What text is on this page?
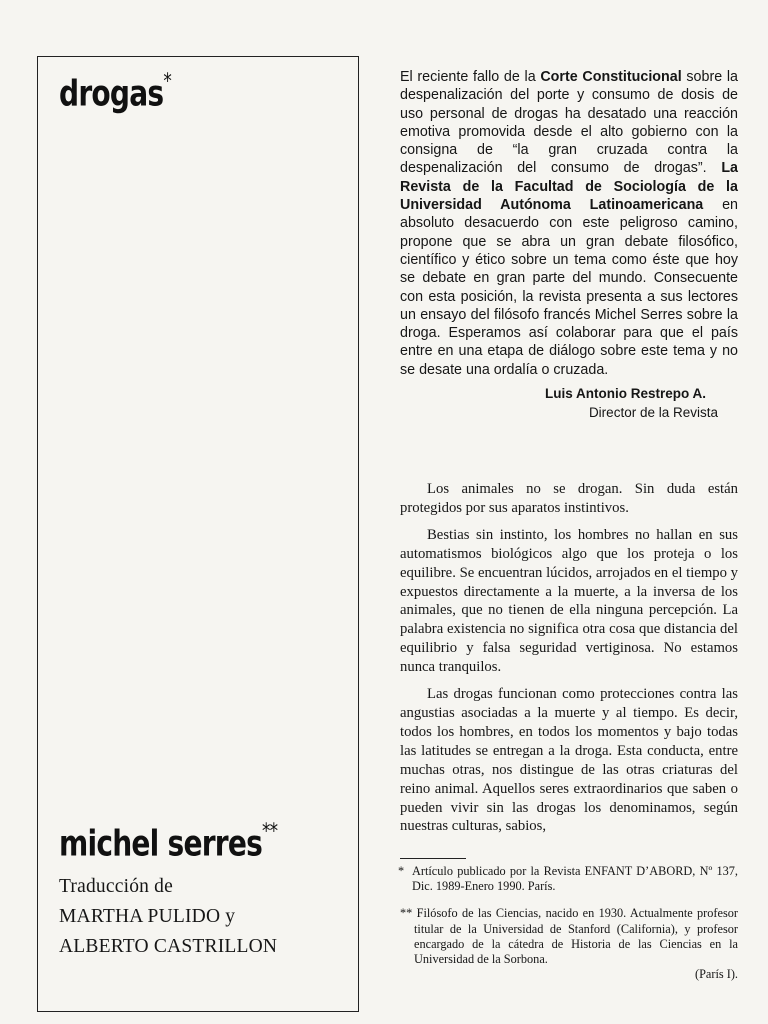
drogas*
michel serres**
Traducción de
MARTHA PULIDO y
ALBERTO CASTRILLON
El reciente fallo de la Corte Constitucional sobre la despenalización del porte y consumo de dosis de uso personal de drogas ha desatado una reacción emotiva promovida desde el alto gobierno con la consigna de “la gran cruzada contra la despenalización del consumo de drogas”. La Revista de la Facultad de Sociología de la Universidad Autónoma Latinoamericana en absoluto desacuerdo con este peligroso camino, propone que se abra un gran debate filosófico, científico y ético sobre un tema como éste que hoy se debate en gran parte del mundo. Consecuente con esta posición, la revista presenta a sus lectores un ensayo del filósofo francés Michel Serres sobre la droga. Esperamos así colaborar para que el país entre en una etapa de diálogo sobre este tema y no se desate una ordalía o cruzada.
Luis Antonio Restrepo A.
Director de la Revista

Los animales no se drogan. Sin duda están protegidos por sus aparatos instintivos.

Bestias sin instinto, los hombres no hallan en sus automatismos biológicos algo que los proteja o los equilibre. Se encuentran lúcidos, arrojados en el tiempo y expuestos directamente a la muerte, a la inversa de los animales, que no tienen de ella ninguna percepción. La palabra existencia no significa otra cosa que distancia del equilibrio y falsa seguridad vertiginosa. No estamos nunca tranquilos.

Las drogas funcionan como protecciones contra las angustias asociadas a la muerte y al tiempo. Es decir, todos los hombres, en todos los momentos y bajo todas las latitudes se entregan a la droga. Esta conducta, entre muchas otras, nos distingue de las otras criaturas del reino animal. Aquellos seres extraordinarios que saben o pueden vivir sin las drogas los denominamos, según nuestras culturas, sabios,

* Artículo publicado por la Revista ENFANT D’ABORD, Nº 137, Dic. 1989-Enero 1990. París.
** Filósofo de las Ciencias, nacido en 1930. Actualmente profesor titular de la Universidad de Stanford (California), y profesor encargado de la cátedra de Historia de las Ciencias en la Universidad de la Sorbona.
(París I).
